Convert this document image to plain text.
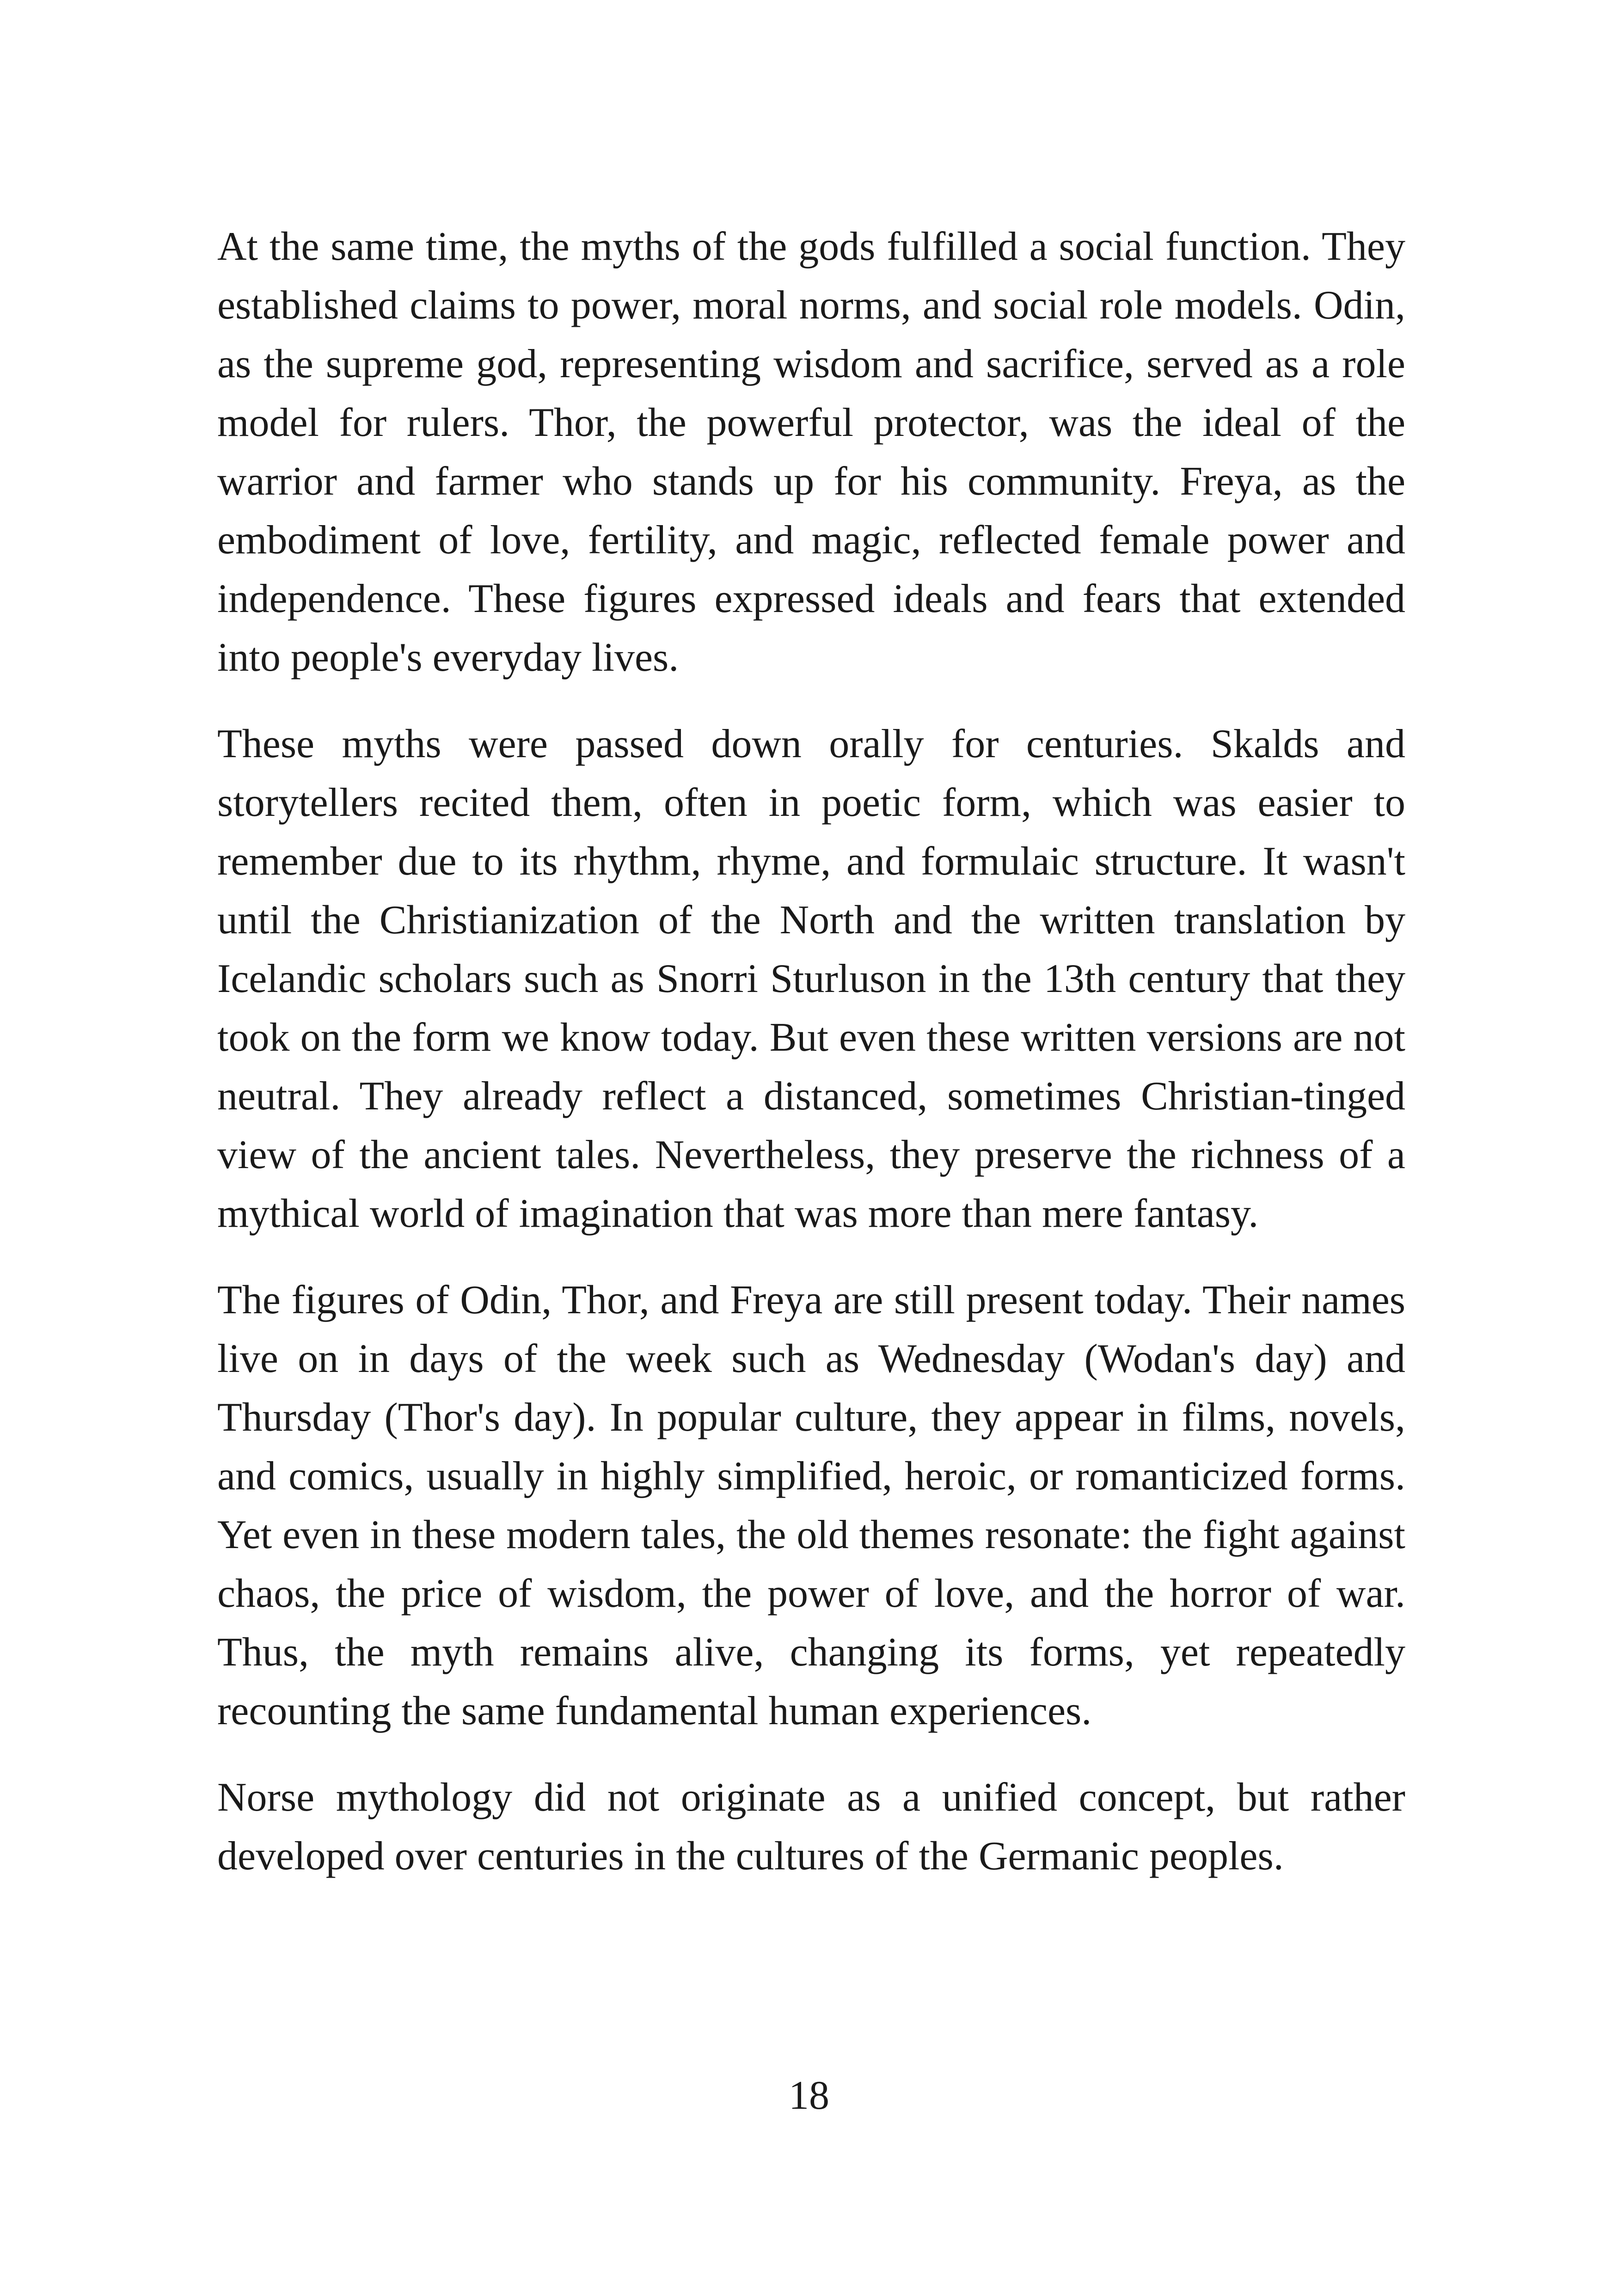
At the same time, the myths of the gods fulfilled a social function. They established claims to power, moral norms, and social role models. Odin, as the supreme god, representing wisdom and sacrifice, served as a role model for rulers. Thor, the powerful protector, was the ideal of the warrior and farmer who stands up for his community. Freya, as the embodiment of love, fertility, and magic, reflected female power and independence. These figures expressed ideals and fears that extended into people's everyday lives.

These myths were passed down orally for centuries. Skalds and storytellers recited them, often in poetic form, which was easier to remember due to its rhythm, rhyme, and formulaic structure. It wasn't until the Christianization of the North and the written translation by Icelandic scholars such as Snorri Sturluson in the 13th century that they took on the form we know today. But even these written versions are not neutral. They already reflect a distanced, sometimes Christian-tinged view of the ancient tales. Nevertheless, they preserve the richness of a mythical world of imagination that was more than mere fantasy.

The figures of Odin, Thor, and Freya are still present today. Their names live on in days of the week such as Wednesday (Wodan's day) and Thursday (Thor's day). In popular culture, they appear in films, novels, and comics, usually in highly simplified, heroic, or romanticized forms. Yet even in these modern tales, the old themes resonate: the fight against chaos, the price of wisdom, the power of love, and the horror of war. Thus, the myth remains alive, changing its forms, yet repeatedly recounting the same fundamental human experiences.

Norse mythology did not originate as a unified concept, but rather developed over centuries in the cultures of the Germanic peoples.

18
